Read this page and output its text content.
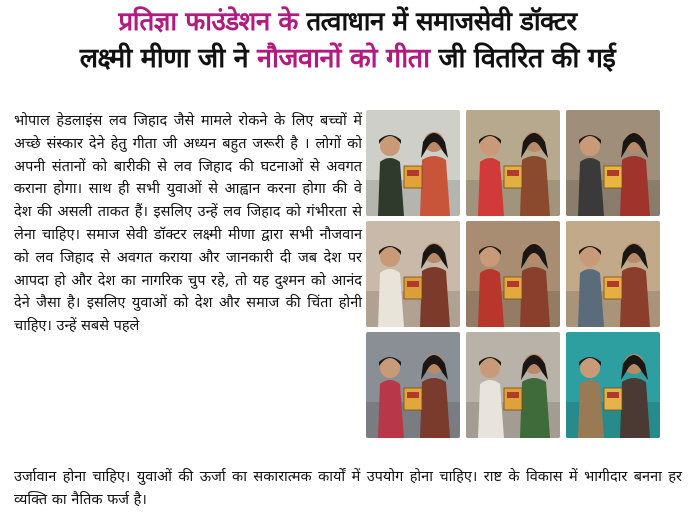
प्रतिज्ञा फाउंडेशन के तत्वाधान में समाजसेवी डॉक्टर
लक्ष्मी मीणा जी ने नौजवानों को गीता जी वितरित की गई

भोपाल हेडलाइंस लव जिहाद जैसे मामले रोकने के लिए बच्चों में अच्छे संस्कार देने हेतु गीता जी अध्यन बहुत जरूरी है । लोगों को अपनी संतानों को बारीकी से लव जिहाद की घटनाओं से अवगत कराना होगा। साथ ही सभी युवाओं से आह्वान करना होगा की वे देश की असली ताकत हैं। इसलिए उन्हें लव जिहाद को गंभीरता से लेना चाहिए। समाज सेवी डॉक्टर लक्ष्मी मीणा द्वारा सभी नौजवान को लव जिहाद से अवगत कराया और जानकारी दी जब देश पर आपदा हो और देश का नागरिक चुप रहे, तो यह दुश्मन को आनंद देने जैसा है। इसलिए युवाओं को देश और समाज की चिंता होनी चाहिए। उन्हें सबसे पहले

उर्जावान होना चाहिए। युवाओं की ऊर्जा का सकारात्मक कार्यों में उपयोग होना चाहिए। राष्ट के विकास में भागीदार बनना हर व्यक्ति का नैतिक फर्ज है।
